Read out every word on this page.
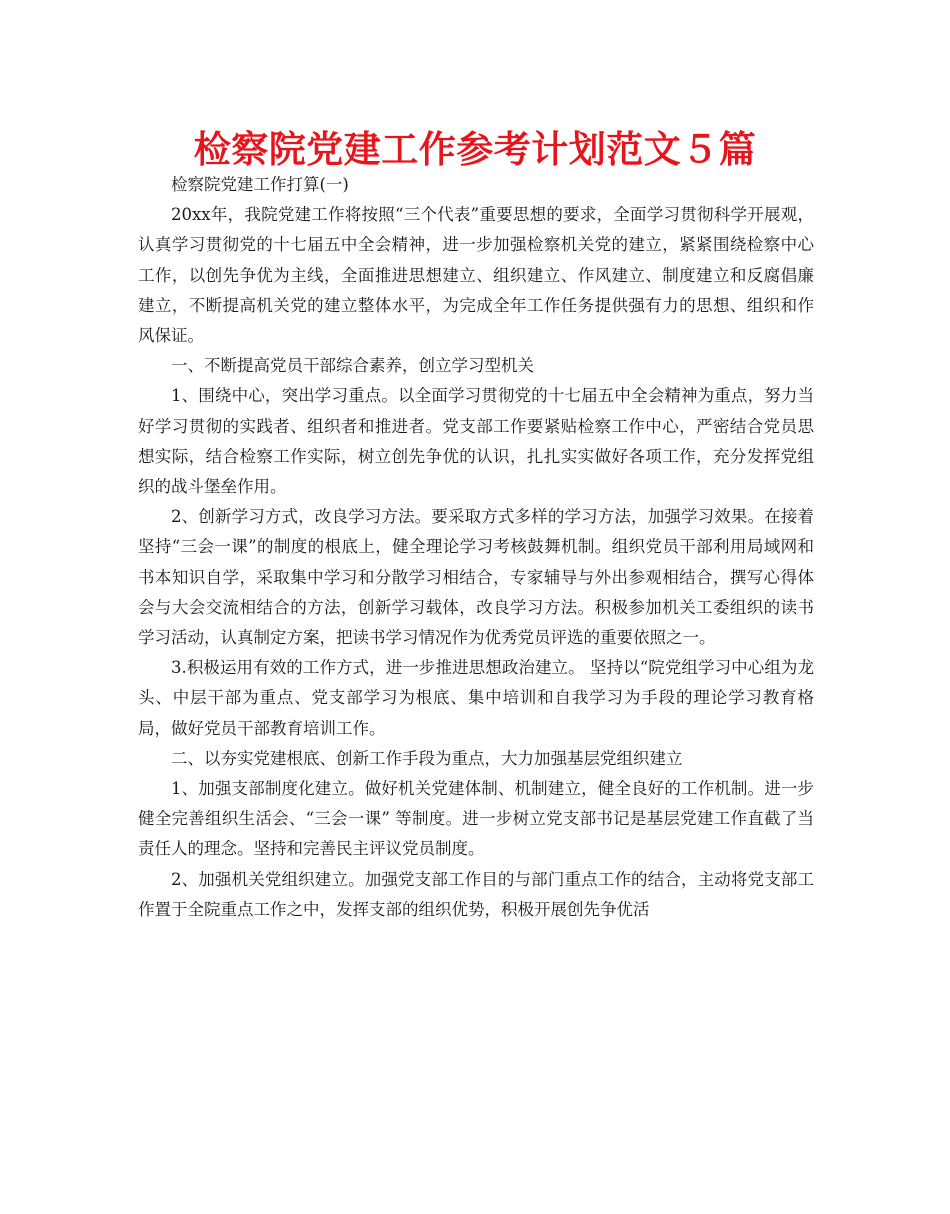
检察院党建工作参考计划范文５篇

检察院党建工作打算(一)

20xx年，我院党建工作将按照“三个代表”重要思想的要求，全面学习贯彻科学开展观，认真学习贯彻党的十七届五中全会精神，进一步加强检察机关党的建立，紧紧围绕检察中心工作，以创先争优为主线，全面推进思想建立、组织建立、作风建立、制度建立和反腐倡廉建立，不断提高机关党的建立整体水平，为完成全年工作任务提供强有力的思想、组织和作风保证。

一、不断提高党员干部综合素养，创立学习型机关

1、围绕中心，突出学习重点。以全面学习贯彻党的十七届五中全会精神为重点，努力当好学习贯彻的实践者、组织者和推进者。党支部工作要紧贴检察工作中心，严密结合党员思想实际，结合检察工作实际，树立创先争优的认识，扎扎实实做好各项工作，充分发挥党组织的战斗堡垒作用。

2、创新学习方式，改良学习方法。要采取方式多样的学习方法，加强学习效果。在接着坚持“三会一课”的制度的根底上，健全理论学习考核鼓舞机制。组织党员干部利用局域网和书本知识自学，采取集中学习和分散学习相结合，专家辅导与外出参观相结合，撰写心得体会与大会交流相结合的方法，创新学习载体，改良学习方法。积极参加机关工委组织的读书学习活动，认真制定方案，把读书学习情况作为优秀党员评选的重要依照之一。

3.积极运用有效的工作方式，进一步推进思想政治建立。 坚持以“院党组学习中心组为龙头、中层干部为重点、党支部学习为根底、集中培训和自我学习为手段的理论学习教育格局，做好党员干部教育培训工作。

二、以夯实党建根底、创新工作手段为重点，大力加强基层党组织建立

1、加强支部制度化建立。做好机关党建体制、机制建立，健全良好的工作机制。进一步健全完善组织生活会、“三会一课” 等制度。进一步树立党支部书记是基层党建工作直截了当责任人的理念。坚持和完善民主评议党员制度。

2、加强机关党组织建立。加强党支部工作目的与部门重点工作的结合，主动将党支部工作置于全院重点工作之中，发挥支部的组织优势，积极开展创先争优活
